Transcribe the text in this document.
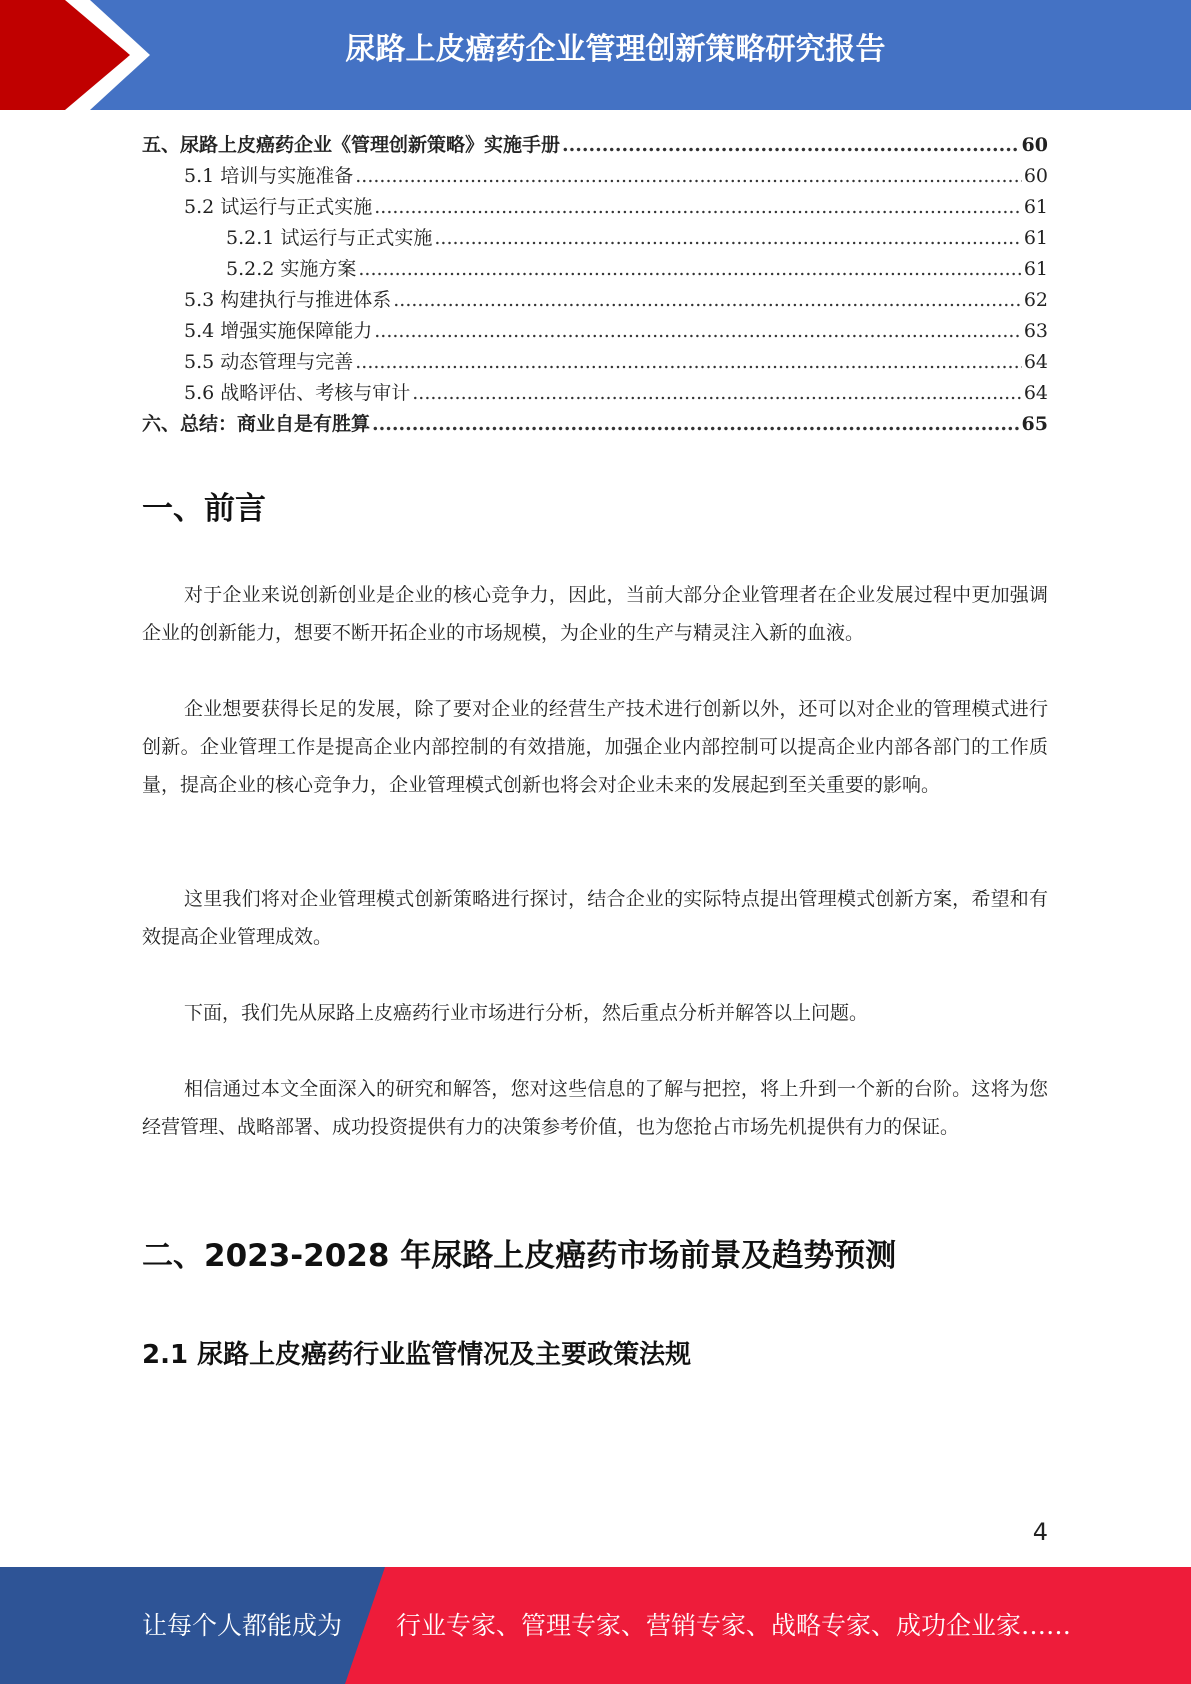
尿路上皮癌药企业管理创新策略研究报告
五、尿路上皮癌药企业《管理创新策略》实施手册 .....	60
5.1 培训与实施准备 .....	60
5.2 试运行与正式实施 .....	61
5.2.1 试运行与正式实施 .....	61
5.2.2 实施方案 .....	61
5.3 构建执行与推进体系 .....	62
5.4 增强实施保障能力 .....	63
5.5 动态管理与完善 .....	64
5.6 战略评估、考核与审计 .....	64
六、总结：商业自是有胜算 .....	65
一、前言

对于企业来说创新创业是企业的核心竞争力，因此，当前大部分企业管理者在企业发展过程中更加强调企业的创新能力，想要不断开拓企业的市场规模，为企业的生产与精灵注入新的血液。

企业想要获得长足的发展，除了要对企业的经营生产技术进行创新以外，还可以对企业的管理模式进行创新。企业管理工作是提高企业内部控制的有效措施，加强企业内部控制可以提高企业内部各部门的工作质量，提高企业的核心竞争力，企业管理模式创新也将会对企业未来的发展起到至关重要的影响。

这里我们将对企业管理模式创新策略进行探讨，结合企业的实际特点提出管理模式创新方案，希望和有效提高企业管理成效。

下面，我们先从尿路上皮癌药行业市场进行分析，然后重点分析并解答以上问题。

相信通过本文全面深入的研究和解答，您对这些信息的了解与把控，将上升到一个新的台阶。这将为您经营管理、战略部署、成功投资提供有力的决策参考价值，也为您抢占市场先机提供有力的保证。

二、2023-2028 年尿路上皮癌药市场前景及趋势预测
2.1 尿路上皮癌药行业监管情况及主要政策法规
4
让每个人都能成为 行业专家、管理专家、营销专家、战略专家、成功企业家……
